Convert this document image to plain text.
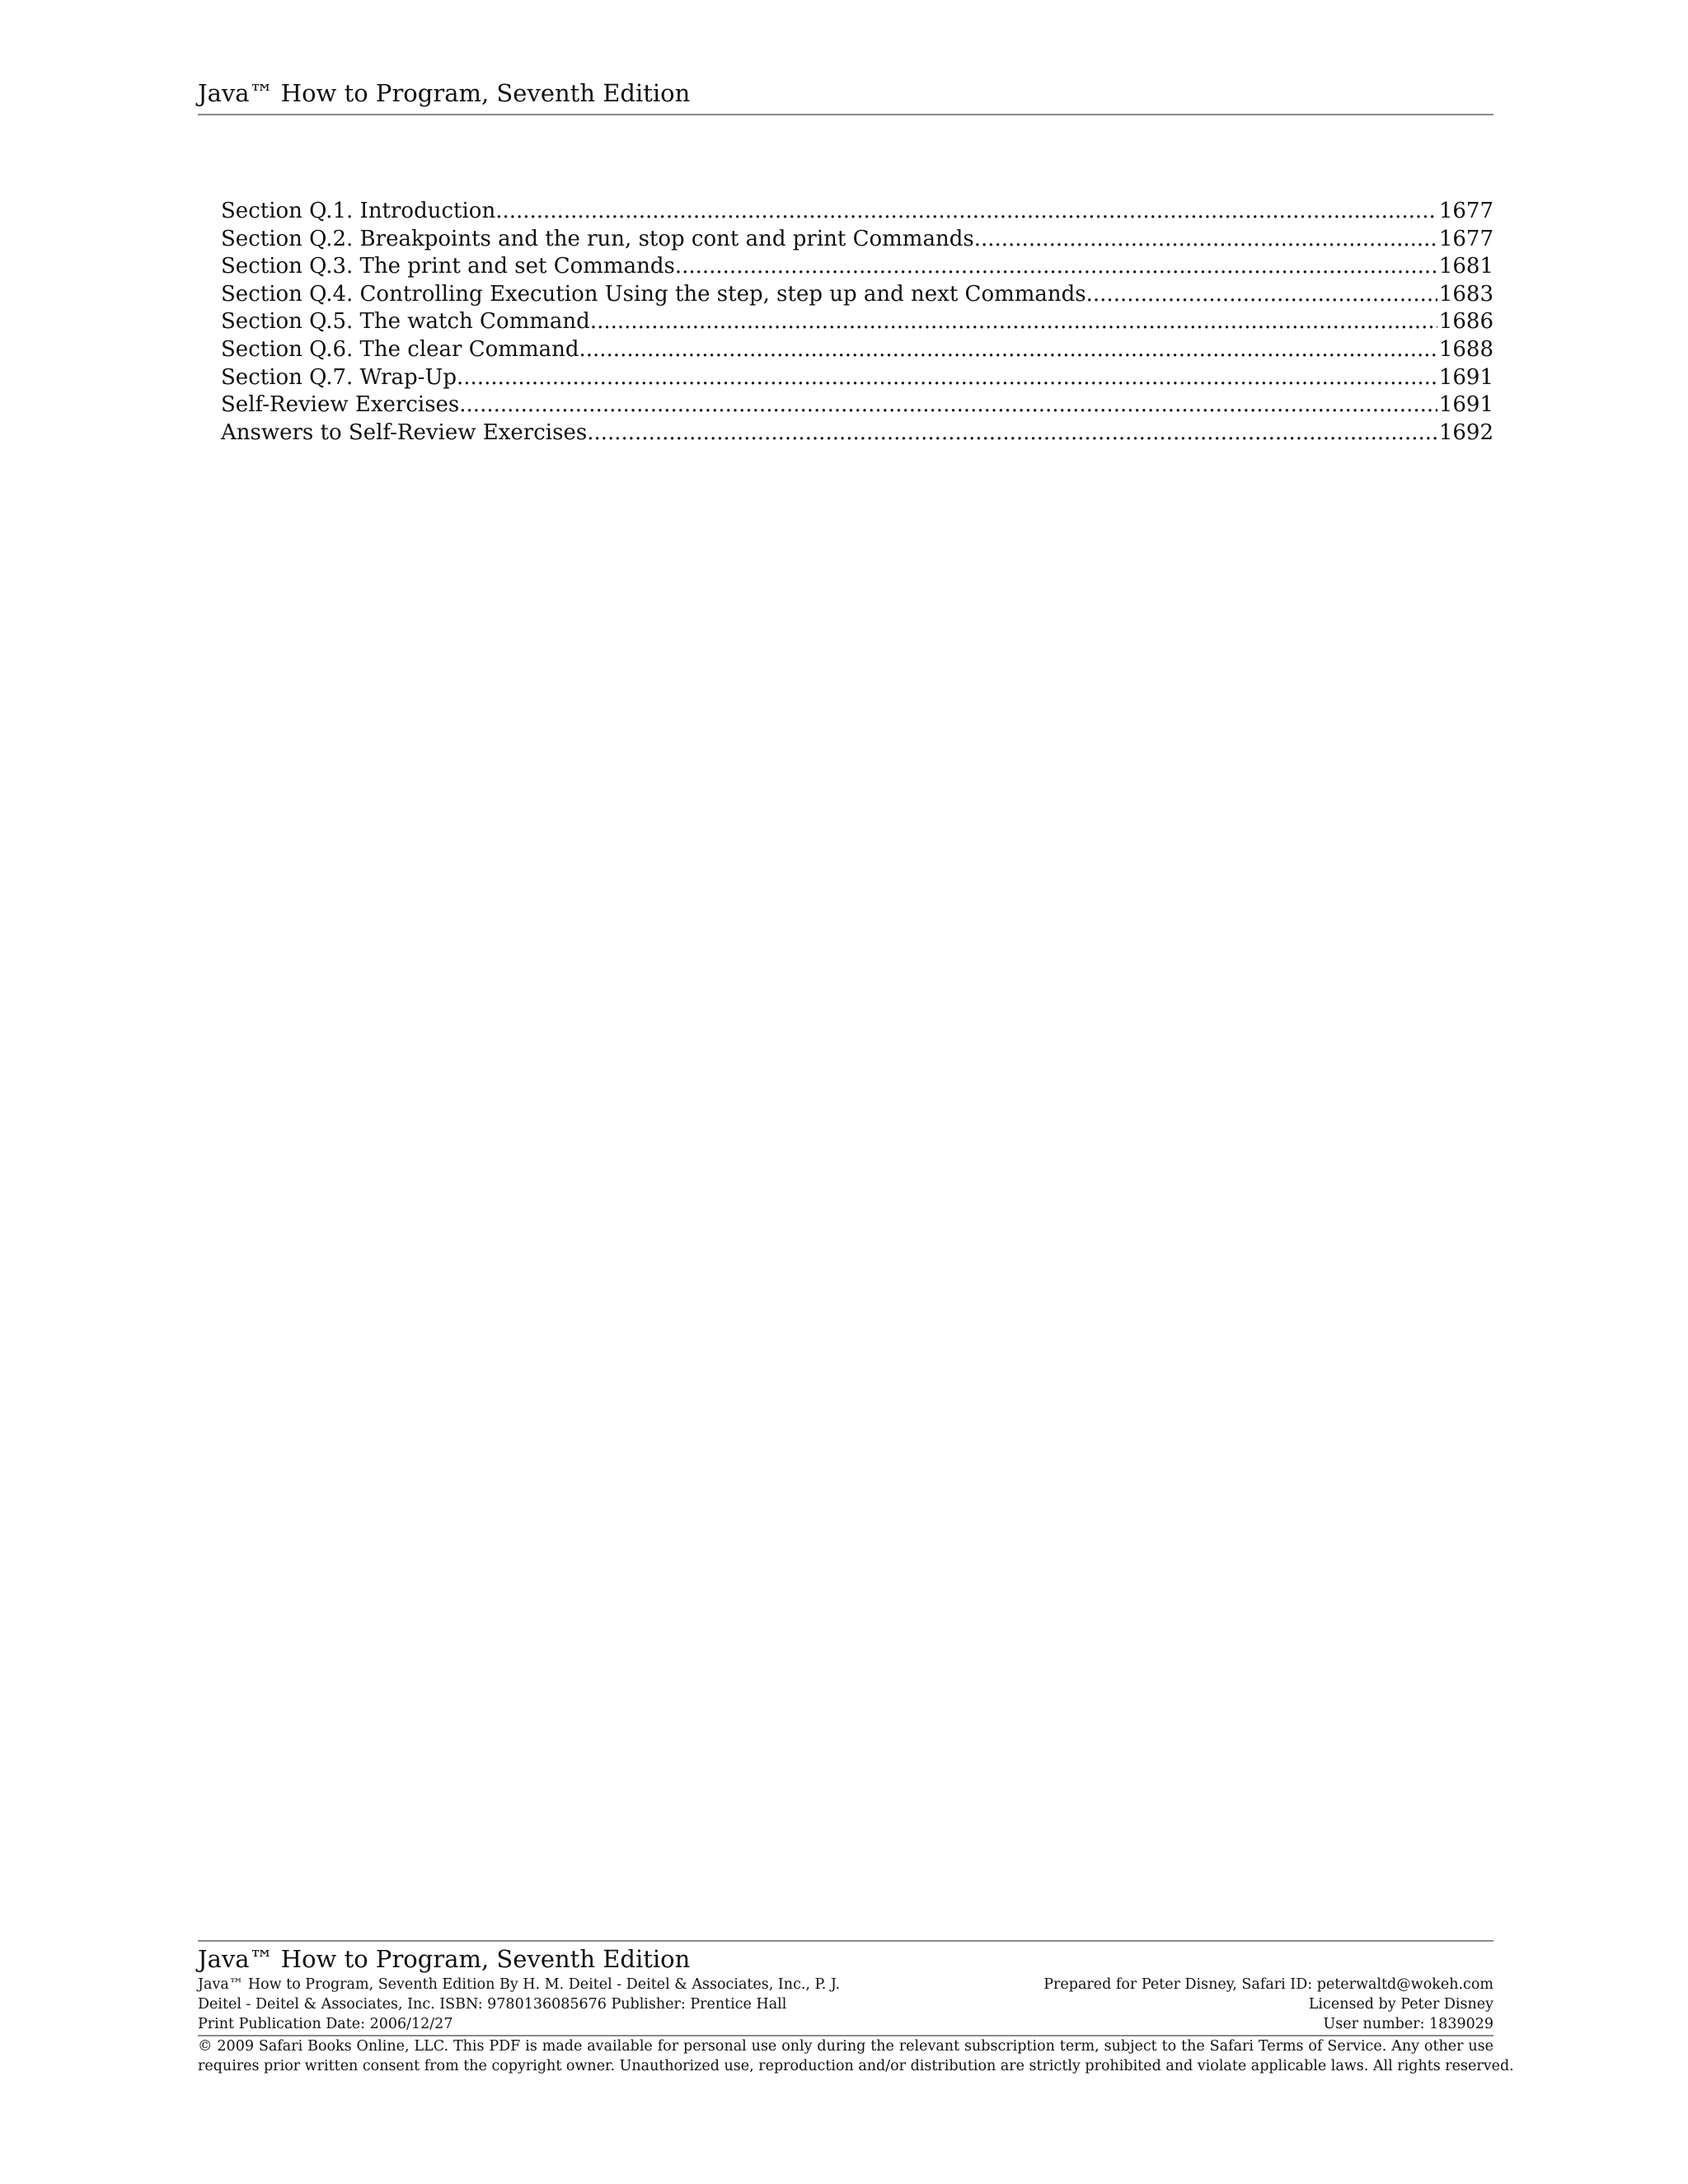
Java™ How to Program, Seventh Edition
Section Q.1. Introduction .....	1677
Section Q.2. Breakpoints and the run, stop cont and print Commands .....	1677
Section Q.3. The print and set Commands .....	1681
Section Q.4. Controlling Execution Using the step, step up and next Commands .....	1683
Section Q.5. The watch Command .....	1686
Section Q.6. The clear Command .....	1688
Section Q.7. Wrap-Up .....	1691
Self-Review Exercises .....	1691
Answers to Self-Review Exercises .....	1692
Java™ How to Program, Seventh Edition
Java™ How to Program, Seventh Edition By H. M. Deitel - Deitel & Associates, Inc., P. J.
Deitel - Deitel & Associates, Inc. ISBN: 9780136085676 Publisher: Prentice Hall
Print Publication Date: 2006/12/27
Prepared for Peter Disney, Safari ID: peterwaltd@wokeh.com
Licensed by Peter Disney
User number: 1839029
© 2009 Safari Books Online, LLC. This PDF is made available for personal use only during the relevant subscription term, subject to the Safari Terms of Service. Any other use
requires prior written consent from the copyright owner. Unauthorized use, reproduction and/or distribution are strictly prohibited and violate applicable laws. All rights reserved.
